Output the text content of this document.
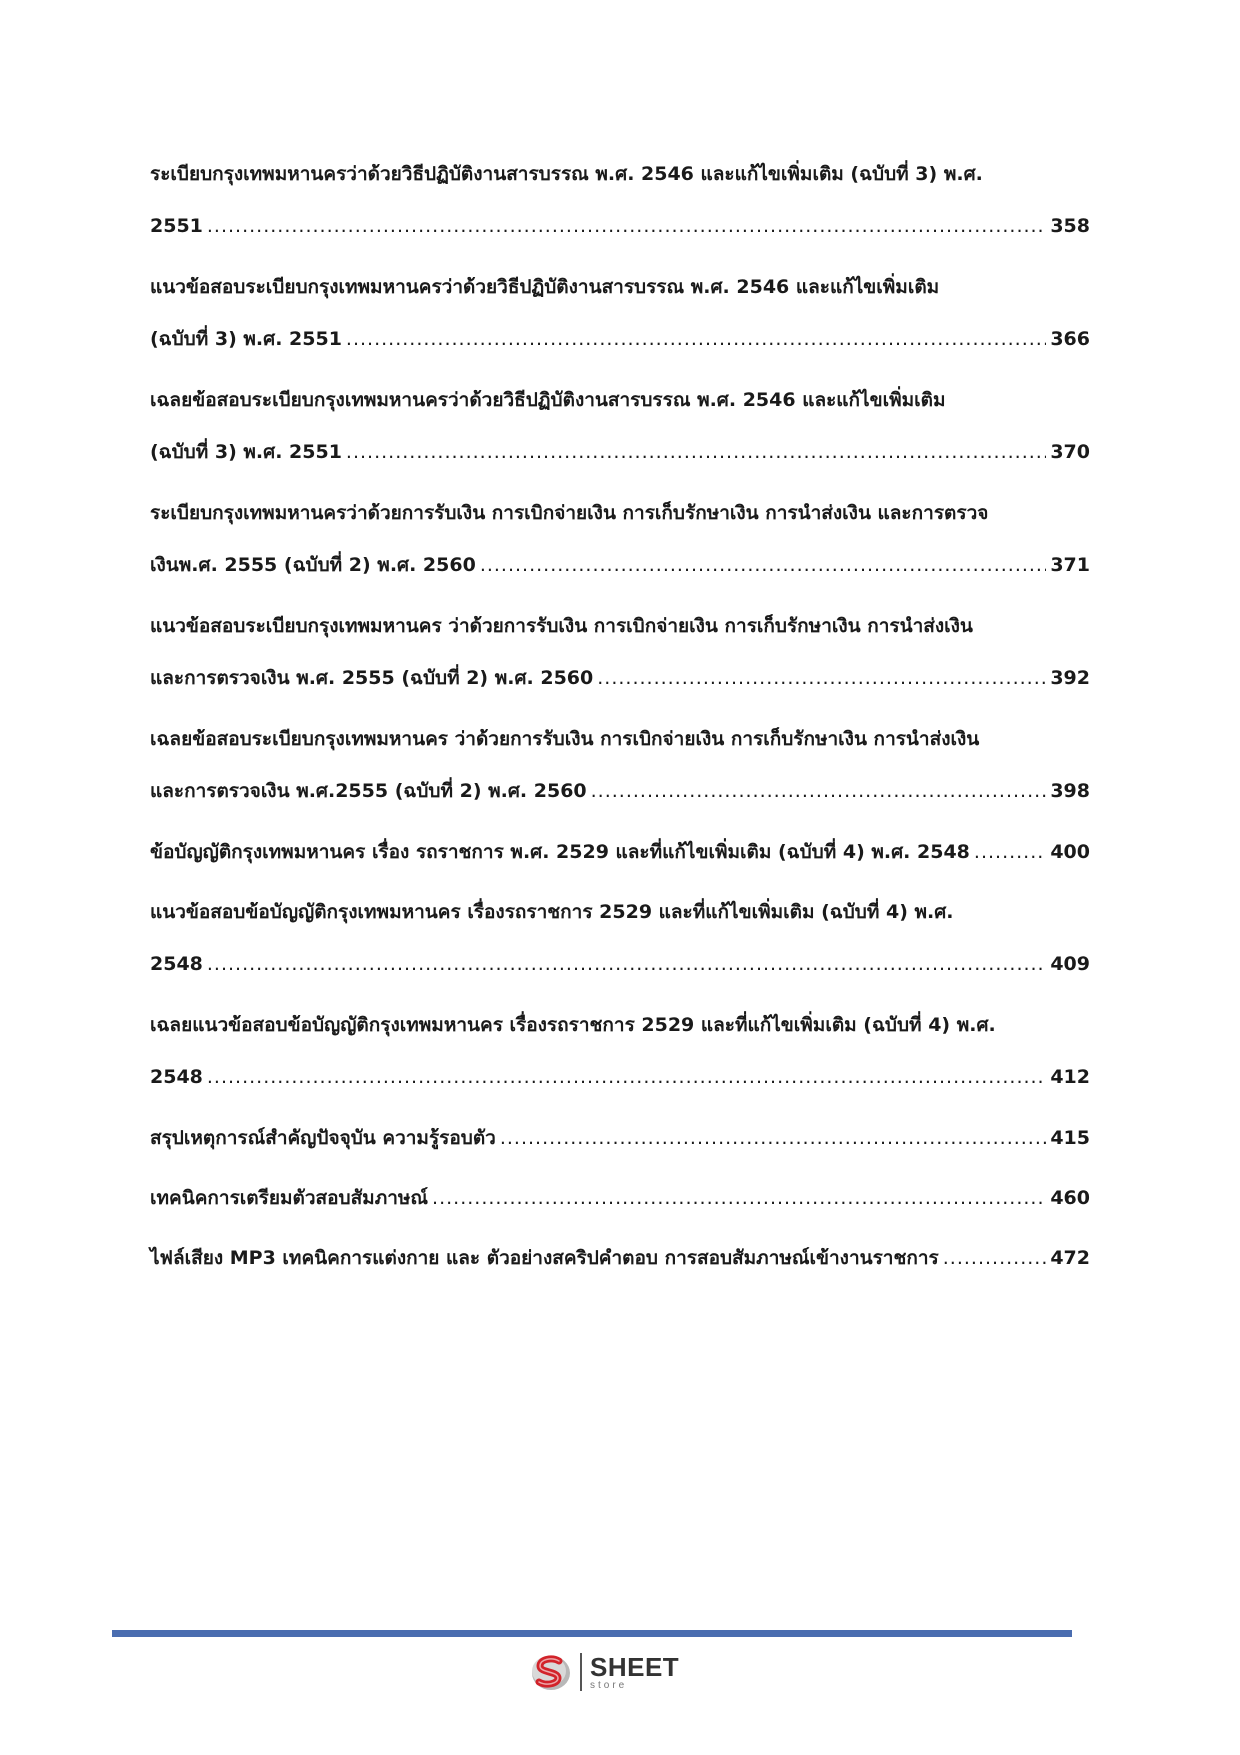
ระเบียบกรุงเทพมหานครว่าด้วยวิธีปฏิบัติงานสารบรรณ พ.ศ. 2546 และแก้ไขเพิ่มเติม (ฉบับที่ 3) พ.ศ.
2551 .....	358
แนวข้อสอบระเบียบกรุงเทพมหานครว่าด้วยวิธีปฏิบัติงานสารบรรณ พ.ศ. 2546 และแก้ไขเพิ่มเติม
(ฉบับที่ 3) พ.ศ. 2551 .....	366
เฉลยข้อสอบระเบียบกรุงเทพมหานครว่าด้วยวิธีปฏิบัติงานสารบรรณ พ.ศ. 2546 และแก้ไขเพิ่มเติม
(ฉบับที่ 3) พ.ศ. 2551 .....	370
ระเบียบกรุงเทพมหานครว่าด้วยการรับเงิน การเบิกจ่ายเงิน การเก็บรักษาเงิน การนำส่งเงิน และการตรวจ
เงินพ.ศ. 2555 (ฉบับที่ 2) พ.ศ. 2560 .....	371
แนวข้อสอบระเบียบกรุงเทพมหานคร ว่าด้วยการรับเงิน การเบิกจ่ายเงิน การเก็บรักษาเงิน การนำส่งเงิน
และการตรวจเงิน พ.ศ. 2555 (ฉบับที่ 2) พ.ศ. 2560 .....	392
เฉลยข้อสอบระเบียบกรุงเทพมหานคร ว่าด้วยการรับเงิน การเบิกจ่ายเงิน การเก็บรักษาเงิน การนำส่งเงิน
และการตรวจเงิน พ.ศ.2555 (ฉบับที่ 2) พ.ศ. 2560 .....	398
ข้อบัญญัติกรุงเทพมหานคร เรื่อง รถราชการ พ.ศ. 2529 และที่แก้ไขเพิ่มเติม (ฉบับที่ 4) พ.ศ. 2548 .....	400
แนวข้อสอบข้อบัญญัติกรุงเทพมหานคร เรื่องรถราชการ 2529 และที่แก้ไขเพิ่มเติม (ฉบับที่ 4) พ.ศ.
2548 .....	409
เฉลยแนวข้อสอบข้อบัญญัติกรุงเทพมหานคร เรื่องรถราชการ 2529 และที่แก้ไขเพิ่มเติม (ฉบับที่ 4) พ.ศ.
2548 .....	412
สรุปเหตุการณ์สำคัญปัจจุบัน ความรู้รอบตัว .....	415
เทคนิคการเตรียมตัวสอบสัมภาษณ์ .....	460
ไฟล์เสียง MP3 เทคนิคการแต่งกาย และ ตัวอย่างสคริปคำตอบ การสอบสัมภาษณ์เข้างานราชการ .....	472
SHEET
store
